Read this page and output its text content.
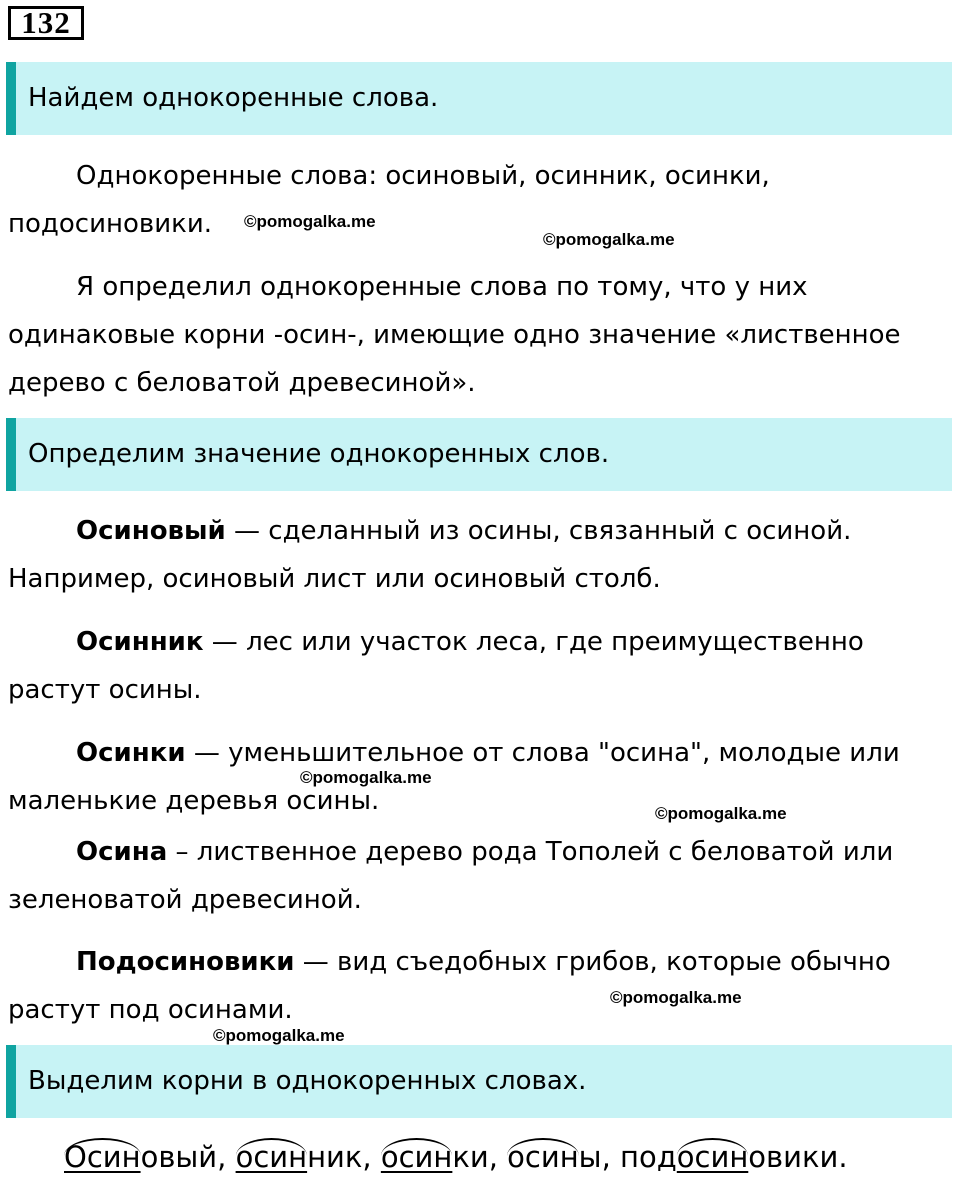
132
Найдем однокоренные слова.

Однокоренные слова: осиновый, осинник, осинки, подосиновики.

Я определил однокоренные слова по тому, что у них одинаковые корни -осин-, имеющие одно значение «лиственное дерево с беловатой древесиной».

Определим значение однокоренных слов.

Осиновый — сделанный из осины, связанный с осиной. Например, осиновый лист или осиновый столб.

Осинник — лес или участок леса, где преимущественно растут осины.

Осинки — уменьшительное от слова "осина", молодые или маленькие деревья осины.

Осина – лиственное дерево рода Тополей с беловатой или зеленоватой древесиной.

Подосиновики — вид съедобных грибов, которые обычно растут под осинами.

Выделим корни в однокоренных словах.
Осиновый,
осинник,
осинки,
осины, под
осиновики.
©pomogalka.me
©pomogalka.me
©pomogalka.me
©pomogalka.me
©pomogalka.me
©pomogalka.me
